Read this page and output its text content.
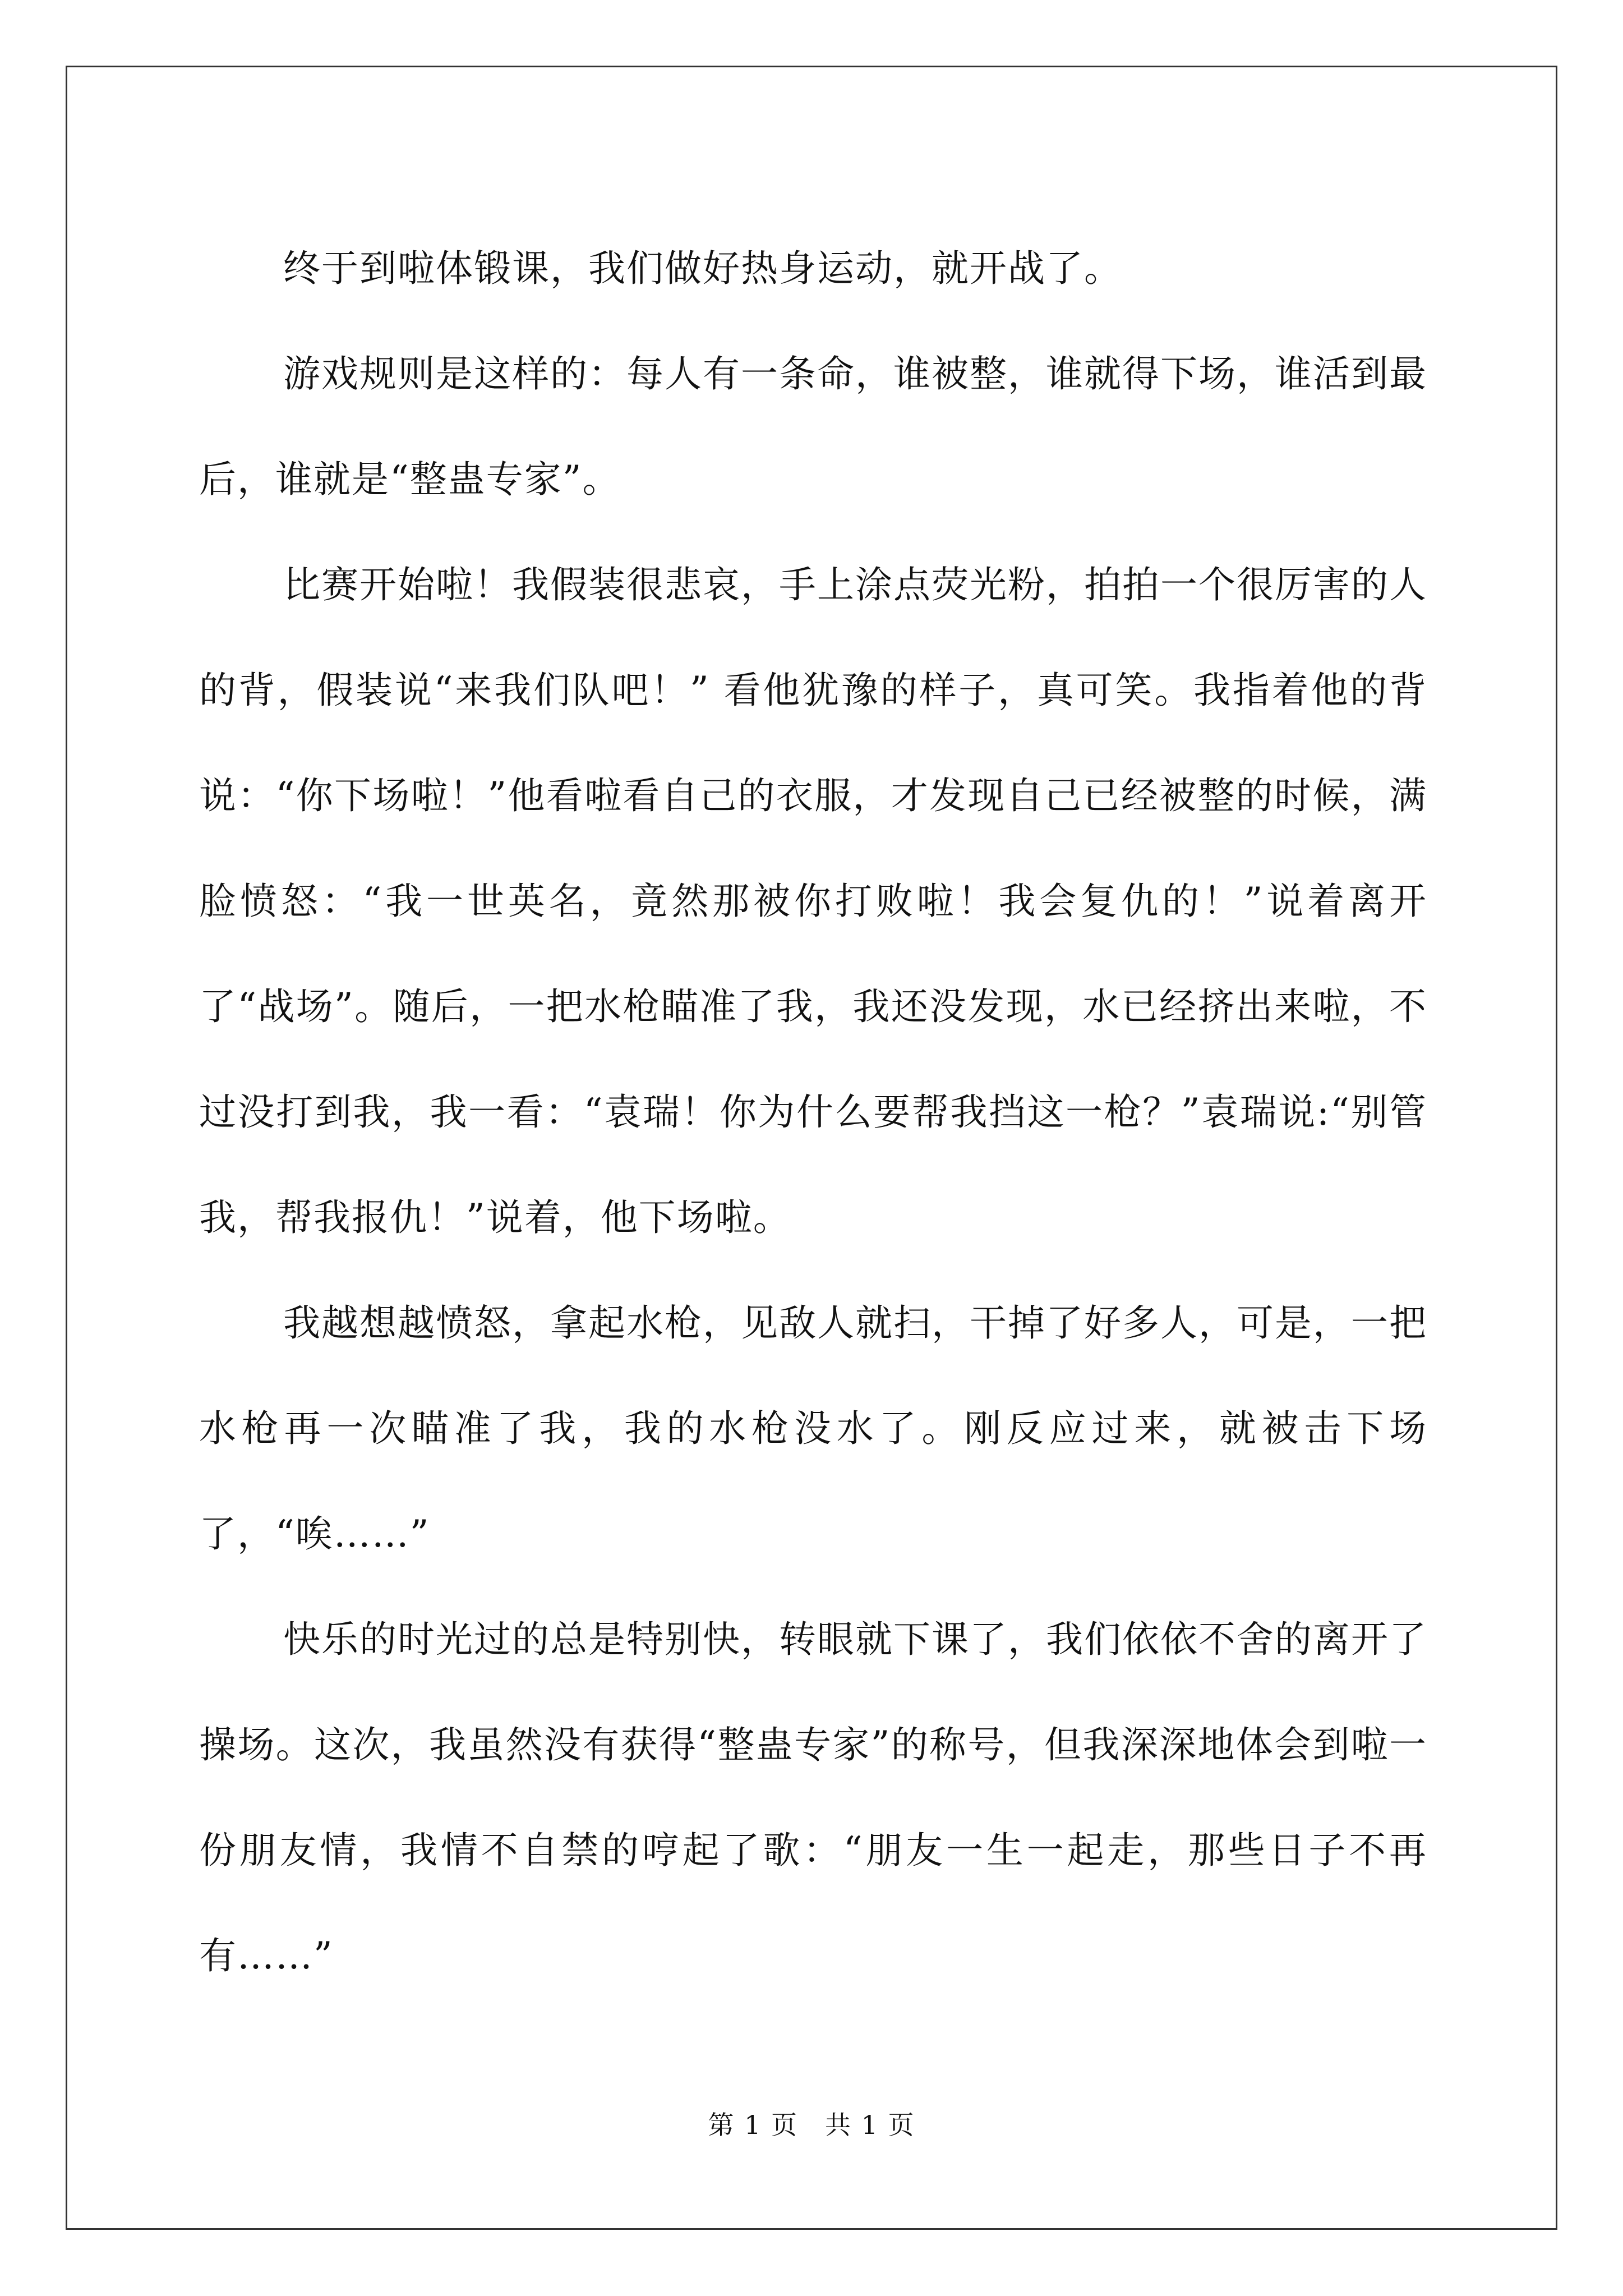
终于到啦体锻课，我们做好热身运动，就开战了。

游戏规则是这样的：每人有一条命，谁被整，谁就得下场，谁活到最后，谁就是“整蛊专家”。

比赛开始啦！我假装很悲哀，手上涂点荧光粉，拍拍一个很厉害的人的背，假装说“来我们队吧！” 看他犹豫的样子，真可笑。我指着他的背说：“你下场啦！”他看啦看自己的衣服，才发现自己已经被整的时候，满脸愤怒：“我一世英名，竟然那被你打败啦！我会复仇的！”说着离开了“战场”。随后，一把水枪瞄准了我，我还没发现，水已经挤出来啦，不过没打到我，我一看：“袁瑞！你为什么要帮我挡这一枪？”袁瑞说:“别管我，帮我报仇！”说着，他下场啦。

我越想越愤怒，拿起水枪，见敌人就扫，干掉了好多人，可是，一把水枪再一次瞄准了我，我的水枪没水了。刚反应过来，就被击下场了，“唉……”

快乐的时光过的总是特别快，转眼就下课了，我们依依不舍的离开了操场。这次，我虽然没有获得“整蛊专家”的称号，但我深深地体会到啦一份朋友情，我情不自禁的哼起了歌：“朋友一生一起走，那些日子不再有……”

第 1 页　共 1 页
